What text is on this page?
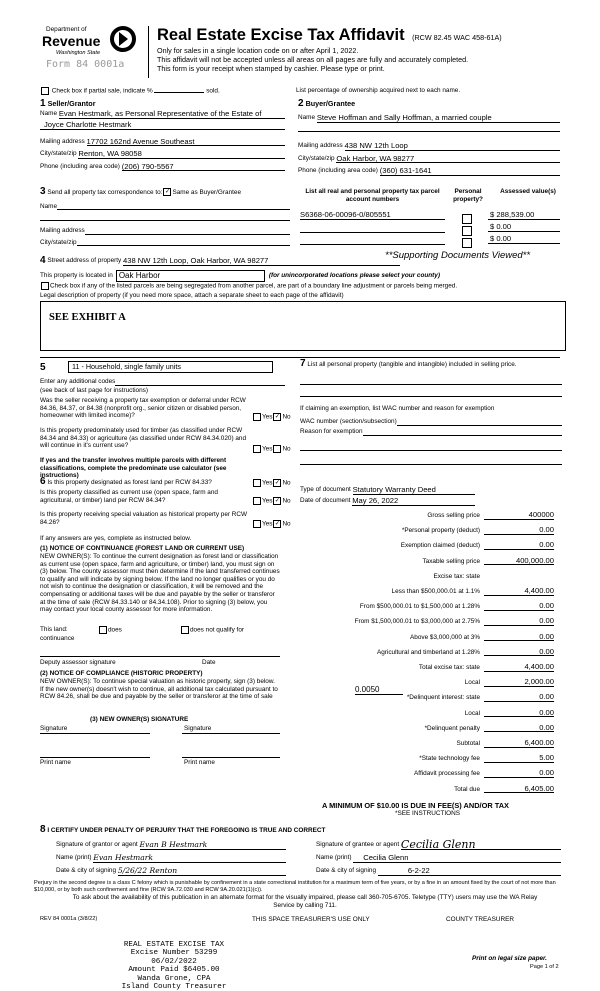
Department of
Revenue
Washington State
Form 84 0001a
Real Estate Excise Tax Affidavit (RCW 82.45 WAC 458-61A)
Only for sales in a single location code on or after April 1, 2022.
This affidavit will not be accepted unless all areas on all pages are fully and accurately completed.
This form is your receipt when stamped by cashier. Please type or print.
Check box if partial sale, indicate %	sold.	List percentage of ownership acquired next to each name.
1 Seller/Grantor
Name
Evan Hestmark, as Personal Representative of the Estate of
Joyce Charlotte Hestmark
Mailing address
17702 162nd Avenue Southeast
City/state/zip
Renton, WA 98058
Phone (including area code)
(206) 790-5567
2 Buyer/Grantee
Name
Steve Hoffman and Sally Hoffman, a married couple
Mailing address
438 NW 12th Loop
City/state/zip
Oak Harbor, WA 98277
Phone (including area code)
(360) 631-1641
3 Send all property tax correspondence to: ✓ Same as Buyer/Grantee
Name
Mailing address
City/state/zip
List all real and personal property tax parcel account numbers
Personal property?
Assessed value(s)
S6368-06-00096-0/805551	$ 288,539.00
$ 0.00
$ 0.00
**Supporting Documents Viewed**
4
Street address of property
438 NW 12th Loop, Oak Harbor, WA 98277
This property is located in Oak Harbor	(for unincorporated locations please select your county)
Check box if any of the listed parcels are being segregated from another parcel, are part of a boundary line adjustment or parcels being merged.
Legal description of property (if you need more space, attach a separate sheet to each page of the affidavit)
SEE EXHIBIT A
5	11 - Household, single family units
Enter any additional codes
(see back of last page for instructions)
Was the seller receiving a property tax exemption or deferral under RCW 84.36, 84.37, or 84.38 (nonprofit org., senior citizen or disabled person, homeowner with limited income)?	Yes ✓ No
Is this property predominately used for timber (as classified under RCW 84.34 and 84.33) or agriculture (as classified under RCW 84.34.020) and will continue in it's current use?
If yes and the transfer involves multiple parcels with different classifications, complete the predominate use calculator (see instructions)
Yes No
7 List all personal property (tangible and intangible) included in selling price.
If claiming an exemption, list WAC number and reason for exemption
WAC number (section/subsection)
Reason for exemption
6 Is this property designated as forest land per RCW 84.33?	Yes ✓ No
Is this property classified as current use (open space, farm and agricultural, or timber) land per RCW 84.34?	Yes ✓ No
Is this property receiving special valuation as historical property per RCW 84.26?	Yes ✓ No
If any answers are yes, complete as instructed below.
(1) NOTICE OF CONTINUANCE (FOREST LAND OR CURRENT USE)
NEW OWNER(S): To continue the current designation as forest land or classification as current use (open space, farm and agriculture, or timber) land, you must sign on (3) below. The county assessor must then determine if the land transferred continues to qualify and will indicate by signing below. If the land no longer qualifies or you do not wish to continue the designation or classification, it will be removed and the compensating or additional taxes will be due and payable by the seller or transferor at the time of sale (RCW 84.33.140 or 84.34.108). Prior to signing (3) below, you may contact your local county assessor for more information.
This land:	does	does not qualify for
continuance
Deputy assessor signature	Date
(2) NOTICE OF COMPLIANCE (HISTORIC PROPERTY)
NEW OWNER(S): To continue special valuation as historic property, sign (3) below. If the new owner(s) doesn't wish to continue, all additional tax calculated pursuant to RCW 84.26, shall be due and payable by the seller or transferor at the time of sale
(3) NEW OWNER(S) SIGNATURE
Signature	Signature
Print name	Print name
Type of document
Statutory Warranty Deed
Date of document
May 26, 2022
Gross selling price	400000
*Personal property (deduct)	0.00
Exemption claimed (deduct)	0.00
Taxable selling price	400,000.00
Excise tax: state
Less than $500,000.01 at 1.1%	4,400.00
From $500,000.01 to $1,500,000 at 1.28%	0.00
From $1,500,000.01 to $3,000,000 at 2.75%	0.00
Above $3,000,000 at 3%	0.00
Agricultural and timberland at 1.28%	0.00
Total excise tax: state	4,400.00
Local	2,000.00
*Delinquent interest: state	0.00
Local	0.00
*Delinquent penalty	0.00
Subtotal	6,400.00
*State technology fee	5.00
Affidavit processing fee	0.00
Total due	6,405.00
0.0050
A MINIMUM OF $10.00 IS DUE IN FEE(S) AND/OR TAX
*SEE INSTRUCTIONS
8 I CERTIFY UNDER PENALTY OF PERJURY THAT THE FOREGOING IS TRUE AND CORRECT
Signature of grantor or agent
Evan B Hestmark
Name (print)
Evan Hestmark
Date & city of signing
5/26/22 Renton
Signature of grantee or agent
Cecilia Glenn
Name (print)
	Cecilia Glenn
Date & city of signing
	6-2-22
Perjury in the second degree is a class C felony which is punishable by confinement in a state correctional institution for a maximum term of five years, or by a fine in an amount fixed by the court of not more than $10,000, or by both such confinement and fine (RCW 9A.72.030 and RCW 9A.20.021(1)(c)).
To ask about the availability of this publication in an alternate format for the visually impaired, please call 360-705-6705. Teletype (TTY) users may use the WA Relay Service by calling 711.
REV 84 0001a (3/8/22)	THIS SPACE TREASURER'S USE ONLY	COUNTY TREASURER
REAL ESTATE EXCISE TAX
Excise Number 53299
06/02/2022
Amount Paid $6405.00
Wanda Grone, CPA
Island County Treasurer
Print on legal size paper.
Page 1 of 2
